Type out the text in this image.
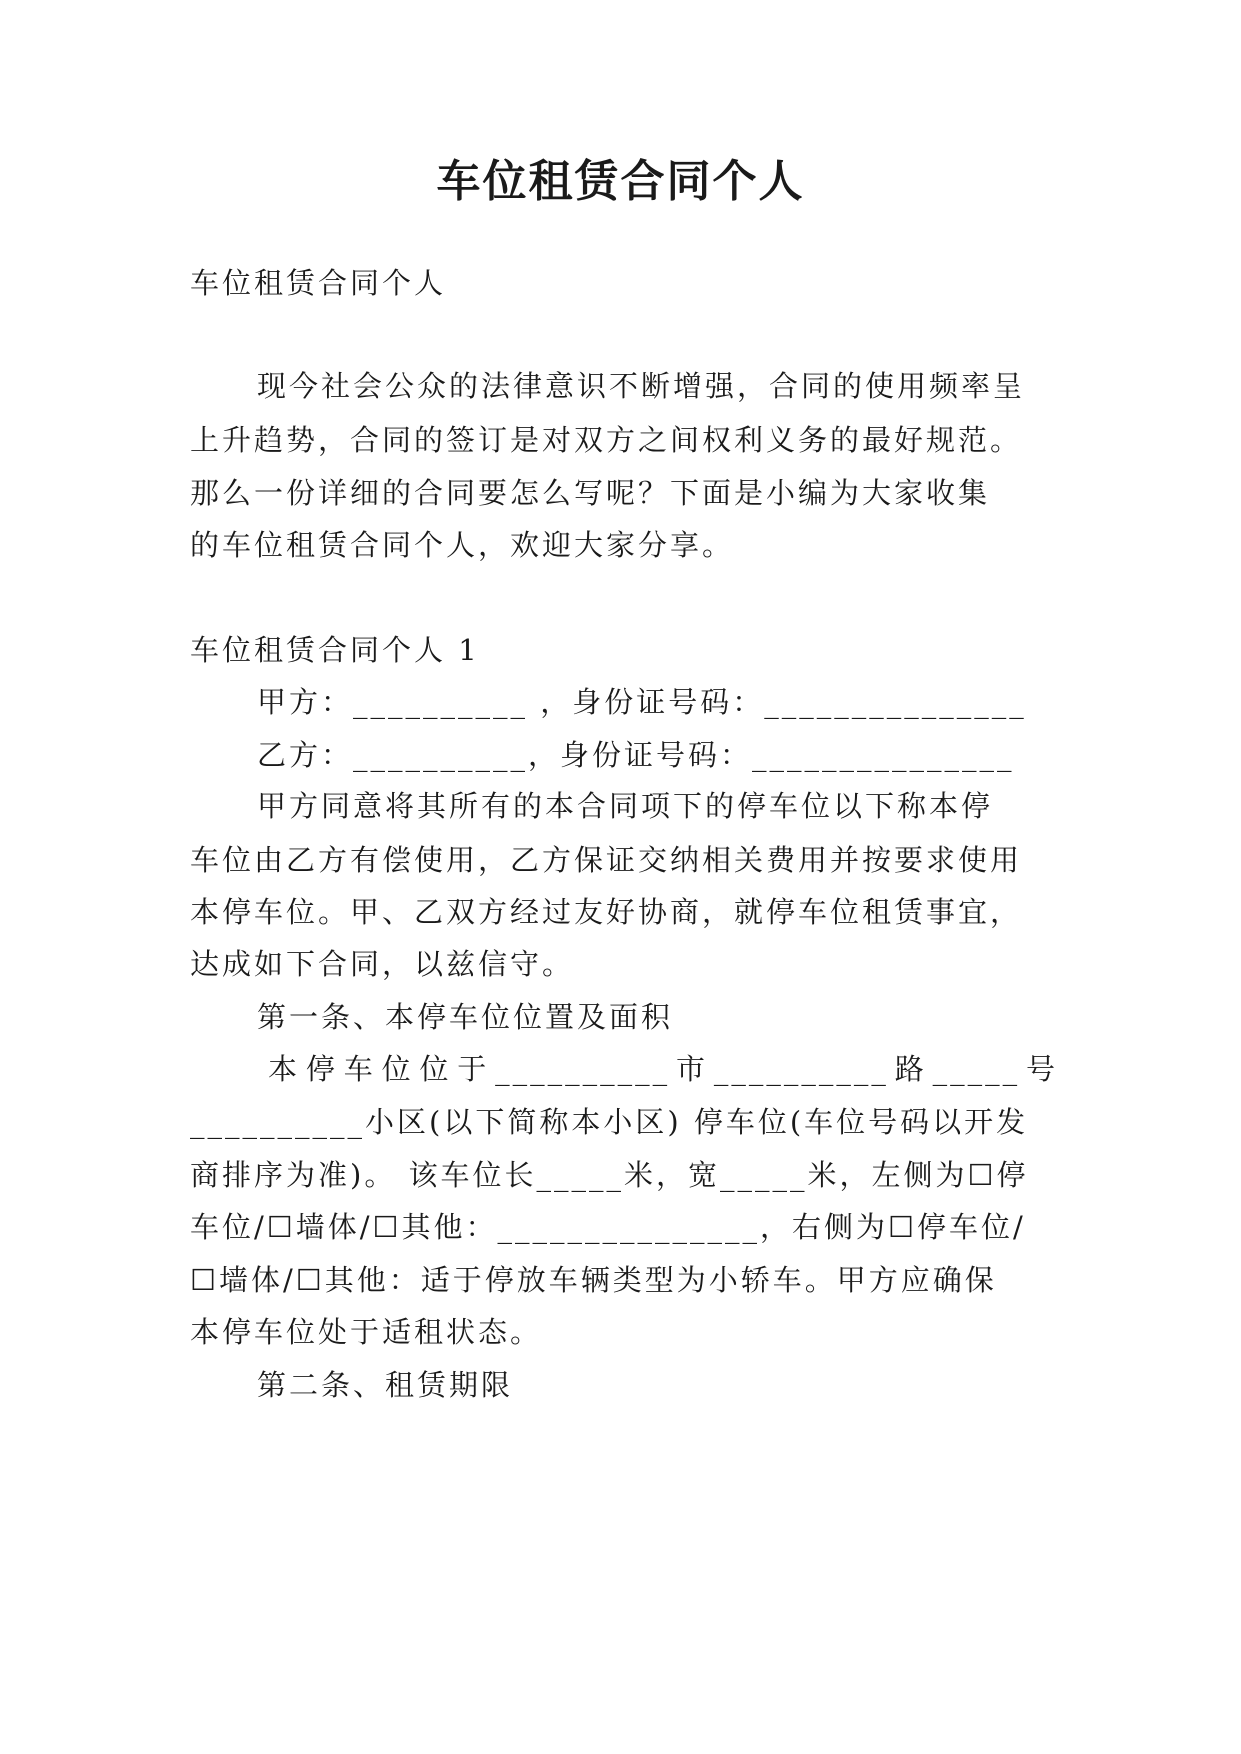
车位租赁合同个人
车位租赁合同个人
现今社会公众的法律意识不断增强，合同的使用频率呈
上升趋势，合同的签订是对双方之间权利义务的最好规范。
那么一份详细的合同要怎么写呢？下面是小编为大家收集
的车位租赁合同个人，欢迎大家分享。
车位租赁合同个人 1
甲方：__________ ，身份证号码：_______________
乙方：__________，身份证号码：_______________
甲方同意将其所有的本合同项下的停车位以下称本停
车位由乙方有偿使用，乙方保证交纳相关费用并按要求使用
本停车位。甲、乙双方经过友好协商，就停车位租赁事宜，
达成如下合同，以兹信守。
第一条、本停车位位置及面积
本停车位位于__________市__________路_____号
__________小区(以下简称本小区) 停车位(车位号码以开发
商排序为准)。 该车位长_____米，宽_____米，左侧为☐停
车位/☐墙体/☐其他：_______________，右侧为☐停车位/
☐墙体/☐其他：适于停放车辆类型为小轿车。甲方应确保
本停车位处于适租状态。
第二条、租赁期限
